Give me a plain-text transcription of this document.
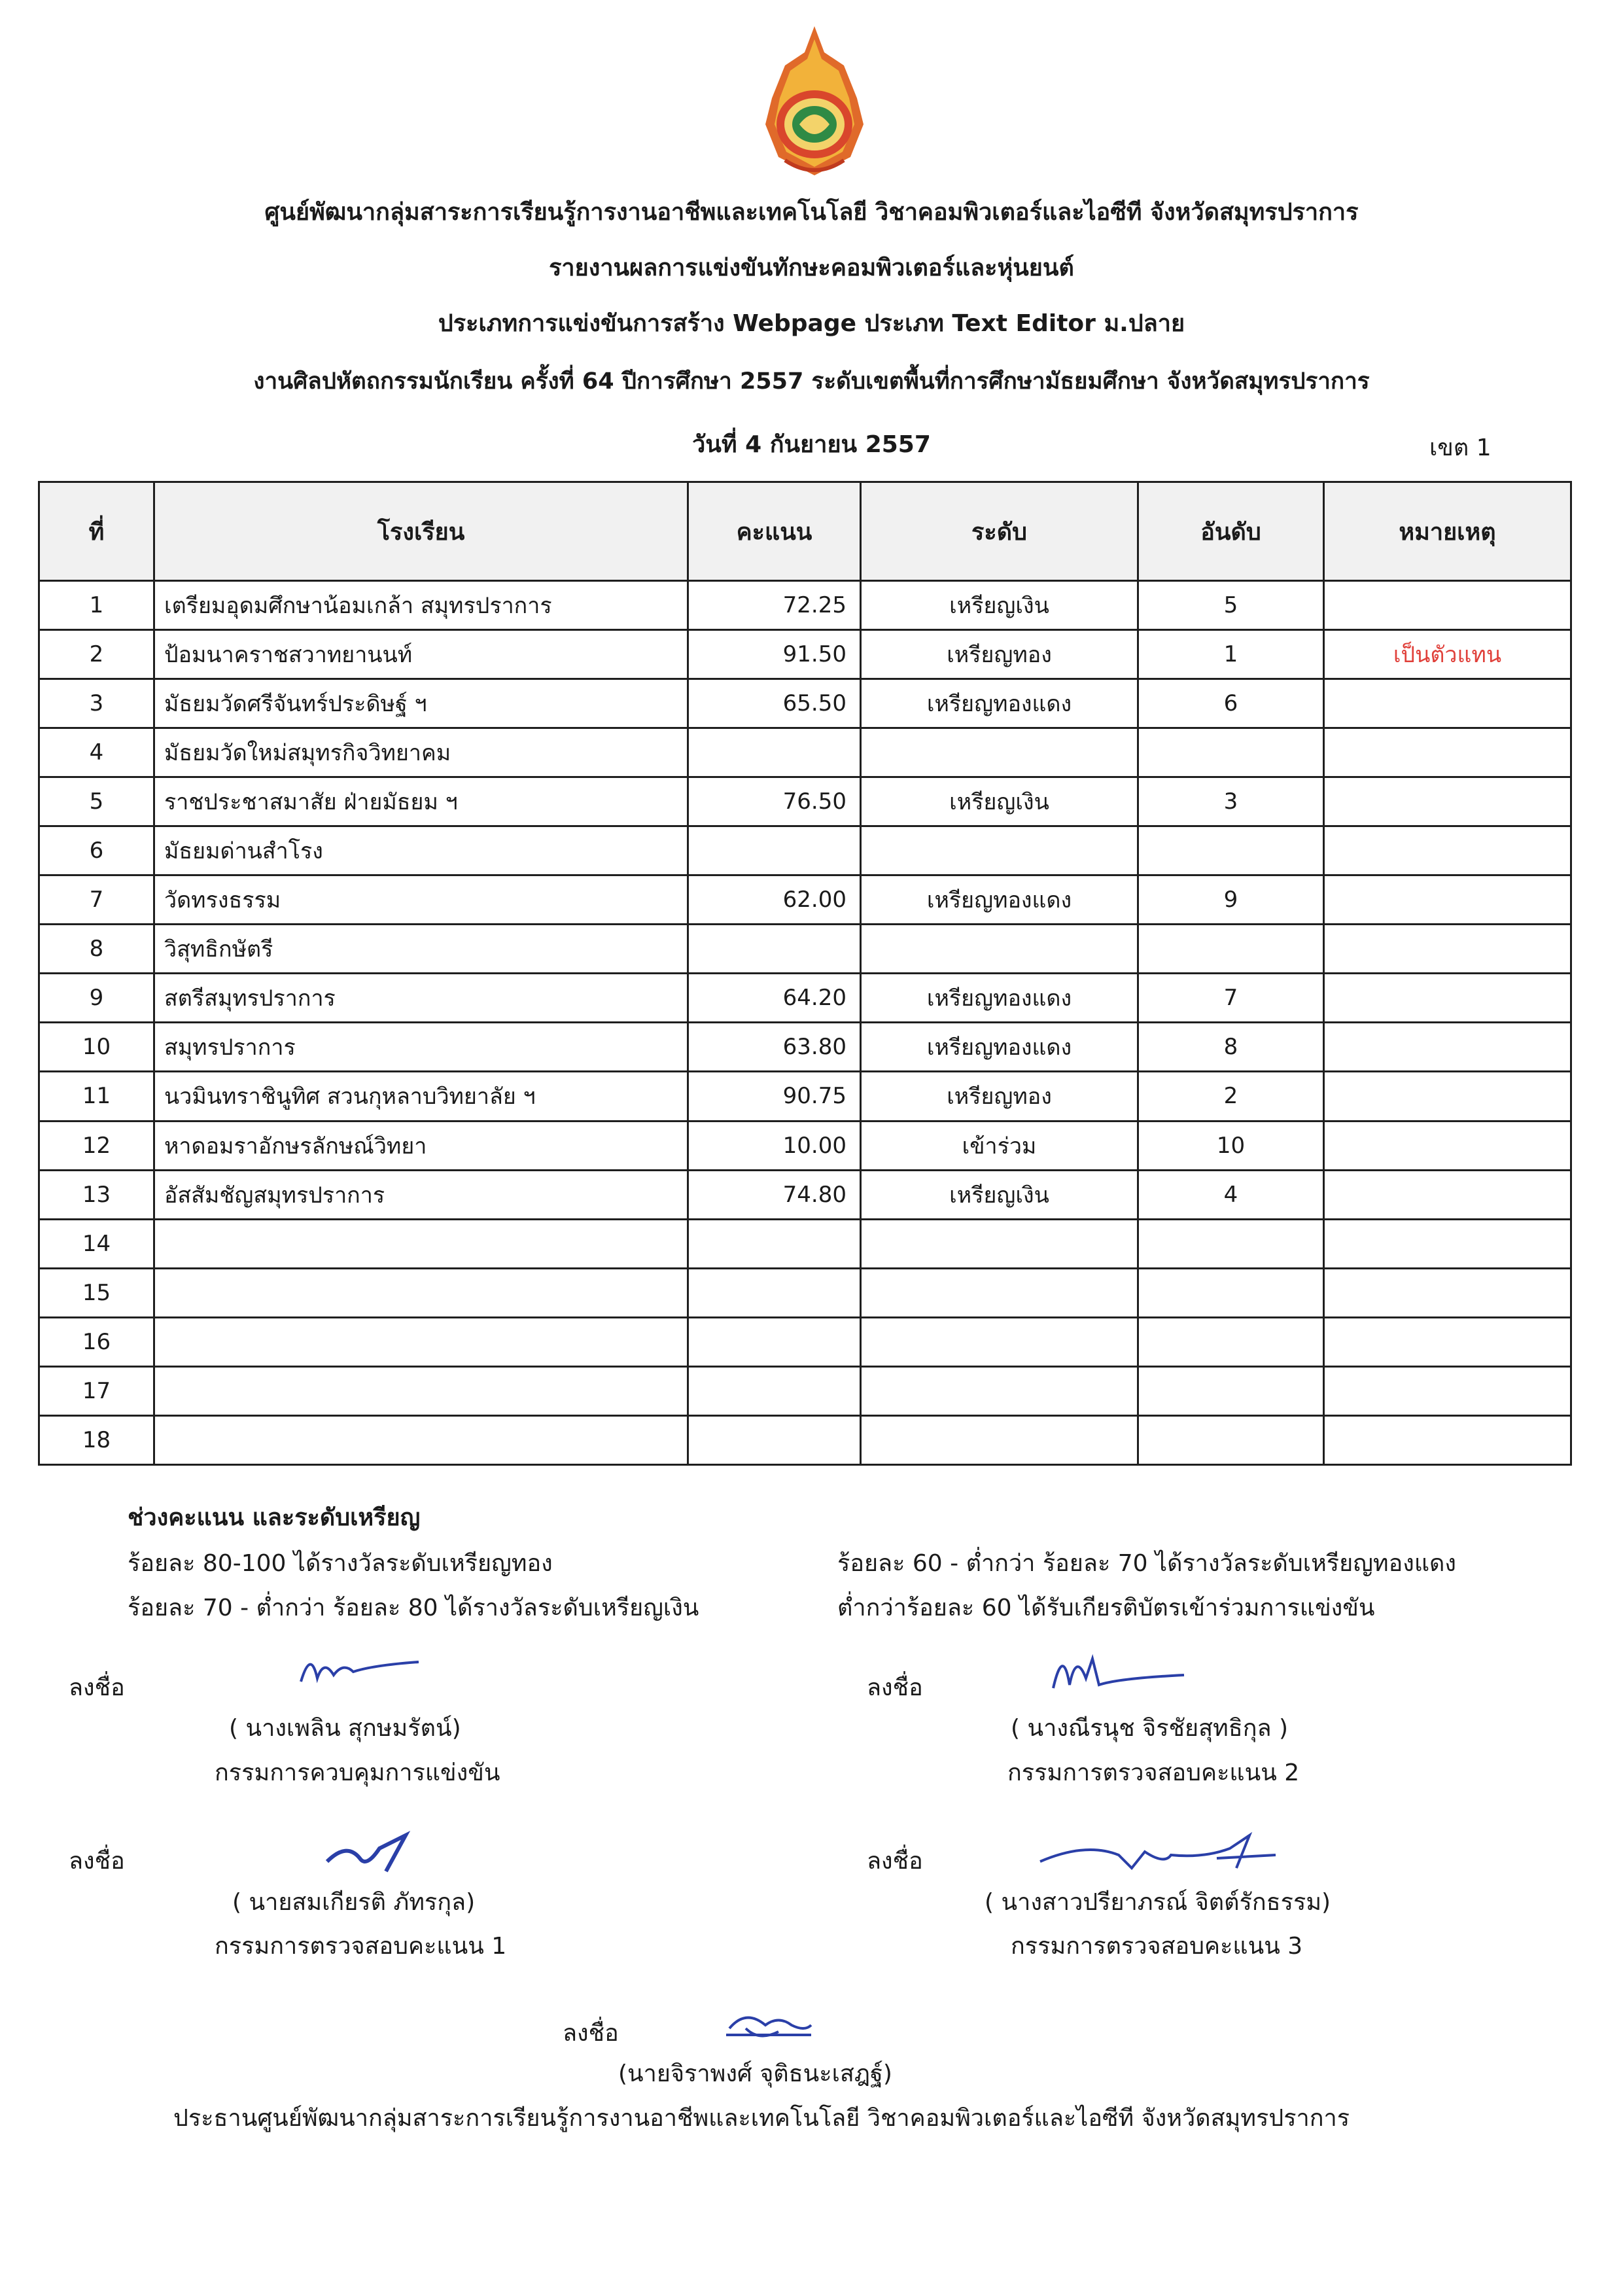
ศูนย์พัฒนากลุ่มสาระการเรียนรู้การงานอาชีพและเทคโนโลยี วิชาคอมพิวเตอร์และไอซีที จังหวัดสมุทรปราการ
รายงานผลการแข่งขันทักษะคอมพิวเตอร์และหุ่นยนต์
ประเภทการแข่งขันการสร้าง Webpage ประเภท Text Editor ม.ปลาย
งานศิลปหัตถกรรมนักเรียน ครั้งที่ 64 ปีการศึกษา 2557 ระดับเขตพื้นที่การศึกษามัธยมศึกษา จังหวัดสมุทรปราการ
วันที่ 4 กันยายน 2557	เขต 1
ที่	โรงเรียน	คะแนน	ระดับ	อันดับ	หมายเหตุ
1	เตรียมอุดมศึกษาน้อมเกล้า สมุทรปราการ	72.25	เหรียญเงิน	5	
2	ป้อมนาคราชสวาทยานนท์	91.50	เหรียญทอง	1	เป็นตัวแทน
3	มัธยมวัดศรีจันทร์ประดิษฐ์ ฯ	65.50	เหรียญทองแดง	6	
4	มัธยมวัดใหม่สมุทรกิจวิทยาคม				
5	ราชประชาสมาสัย ฝ่ายมัธยม ฯ	76.50	เหรียญเงิน	3	
6	มัธยมด่านสำโรง				
7	วัดทรงธรรม	62.00	เหรียญทองแดง	9	
8	วิสุทธิกษัตรี				
9	สตรีสมุทรปราการ	64.20	เหรียญทองแดง	7	
10	สมุทรปราการ	63.80	เหรียญทองแดง	8	
11	นวมินทราชินูทิศ สวนกุหลาบวิทยาลัย ฯ	90.75	เหรียญทอง	2	
12	หาดอมราอักษรลักษณ์วิทยา	10.00	เข้าร่วม	10	
13	อัสสัมชัญสมุทรปราการ	74.80	เหรียญเงิน	4	
14					
15					
16					
17					
18					
ช่วงคะแนน และระดับเหรียญ
ร้อยละ 80-100 ได้รางวัลระดับเหรียญทอง
ร้อยละ 70 - ต่ำกว่า ร้อยละ 80 ได้รางวัลระดับเหรียญเงิน
ร้อยละ 60 - ต่ำกว่า ร้อยละ 70 ได้รางวัลระดับเหรียญทองแดง
ต่ำกว่าร้อยละ 60 ได้รับเกียรติบัตรเข้าร่วมการแข่งขัน
ลงชื่อ
( นางเพลิน สุกษมรัตน์)
กรรมการควบคุมการแข่งขัน
ลงชื่อ
( นางณีรนุช จิรชัยสุทธิกุล )
กรรมการตรวจสอบคะแนน 2
ลงชื่อ
( นายสมเกียรติ ภัทรกุล)
กรรมการตรวจสอบคะแนน 1
ลงชื่อ
( นางสาวปรียาภรณ์ จิตต์รักธรรม)
กรรมการตรวจสอบคะแนน 3
ลงชื่อ
(นายจิราพงศ์ จุติธนะเสฎฐ์)
ประธานศูนย์พัฒนากลุ่มสาระการเรียนรู้การงานอาชีพและเทคโนโลยี วิชาคอมพิวเตอร์และไอซีที จังหวัดสมุทรปราการ
